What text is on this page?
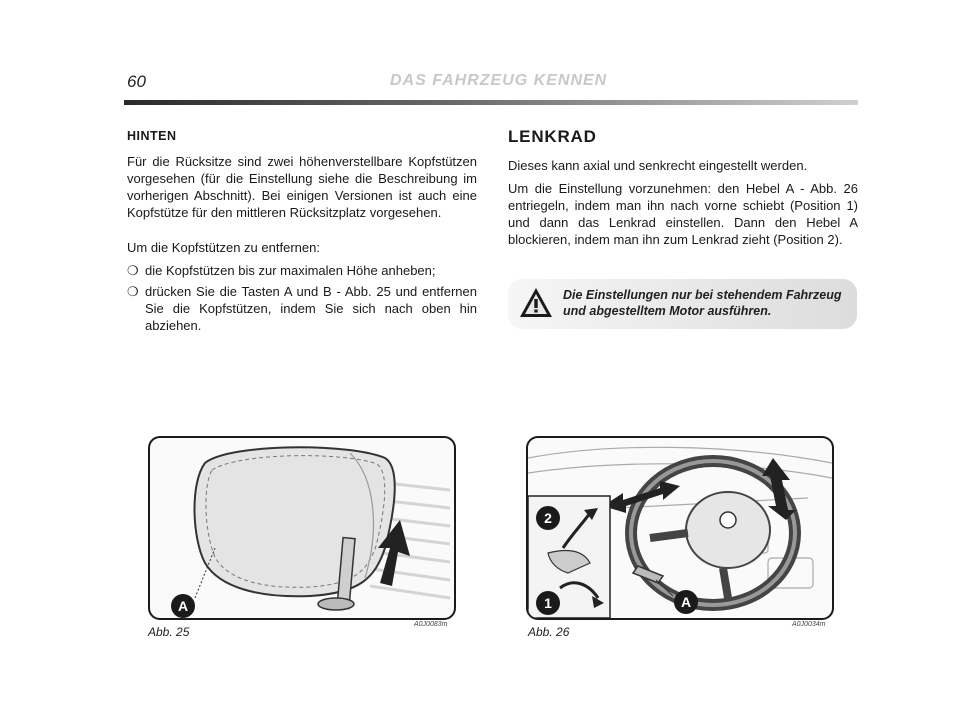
60	DAS FAHRZEUG KENNEN
HINTEN

Für die Rücksitze sind zwei höhenverstellbare Kopfstützen vorgesehen (für die Einstellung siehe die Beschreibung im vorherigen Abschnitt). Bei einigen Versionen ist auch eine Kopfstütze für den mittleren Rücksitzplatz vorgesehen.

Um die Kopfstützen zu entfernen:

❍ die Kopfstützen bis zur maximalen Höhe anheben;
❍ drücken Sie die Tasten A und B - Abb. 25 und entfernen Sie die Kopfstützen, indem Sie sich nach oben hin abziehen.
LENKRAD

Dieses kann axial und senkrecht eingestellt werden.

Um die Einstellung vorzunehmen: den Hebel A - Abb. 26 entriegeln, indem man ihn nach vorne schiebt (Position 1) und dann das Lenkrad einstellen. Dann den Hebel A blockieren, indem man ihn zum Lenkrad zieht (Position 2).

Die Einstellungen nur bei stehendem Fahrzeug und abgestelltem Motor ausführen.
A
Abb. 25
A0J0083m
2
1	A
Abb. 26
A0J0034m
